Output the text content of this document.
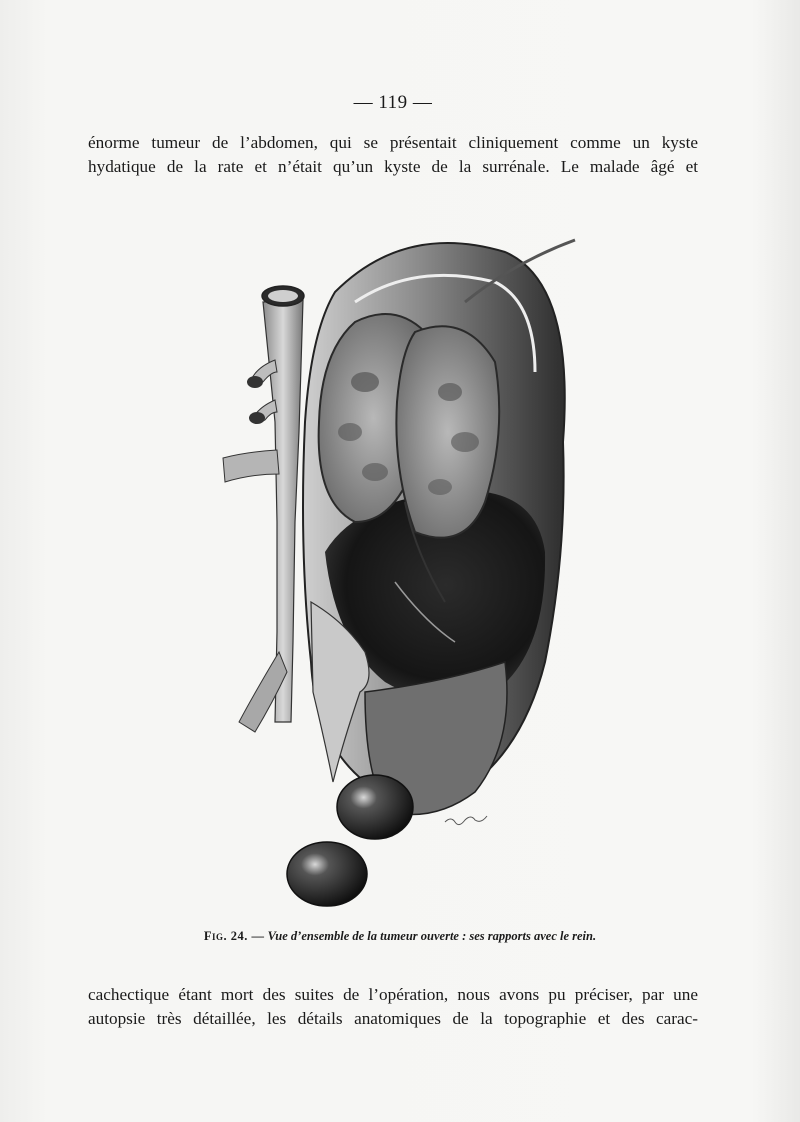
— 119 —
énorme tumeur de l’abdomen, qui se présentait cliniquement comme un kyste
hydatique de la rate et n’était qu’un kyste de la surrénale. Le malade âgé et
Fig. 24. — Vue d’ensemble de la tumeur ouverte : ses rapports avec le rein.
cachectique étant mort des suites de l’opération, nous avons pu préciser, par une
autopsie très détaillée, les détails anatomiques de la topographie et des carac-
